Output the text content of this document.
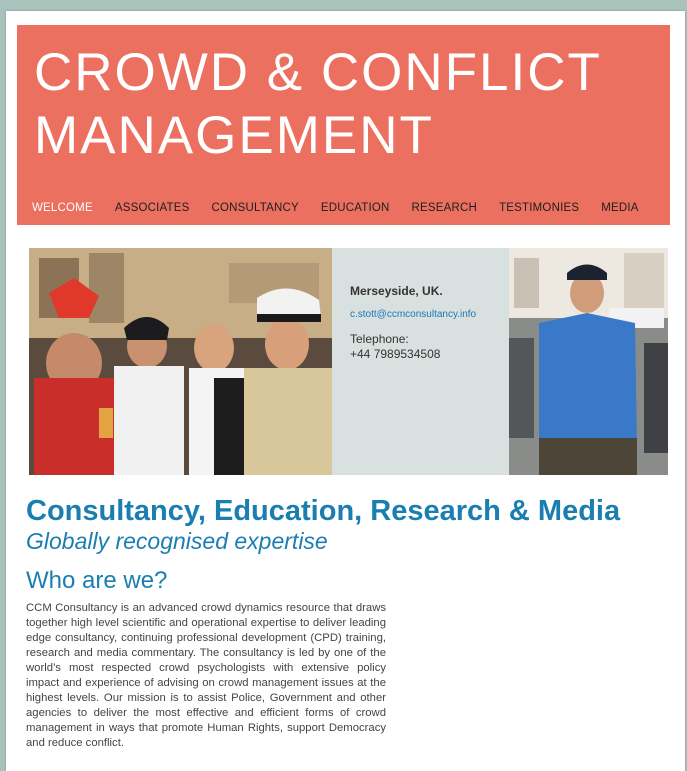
CROWD & CONFLICT
MANAGEMENT
WELCOME ASSOCIATES CONSULTANCY EDUCATION RESEARCH TESTIMONIES MEDIA
Merseyside, UK.
c.stott@ccmconsultancy.info
Telephone:
+44 7989534508
Consultancy, Education, Research & Media
Globally recognised expertise
Who are we?

CCM Consultancy is an advanced crowd dynamics resource that draws together high level scientific and operational expertise to deliver leading edge consultancy, continuing professional development (CPD) training, research and media commentary. The consultancy is led by one of the world’s most respected crowd psychologists with extensive policy impact and experience of advising on crowd management issues at the highest levels. Our mission is to assist Police, Government and other agencies to deliver the most effective and efficient forms of crowd management in ways that promote Human Rights, support Democracy and reduce conflict.
